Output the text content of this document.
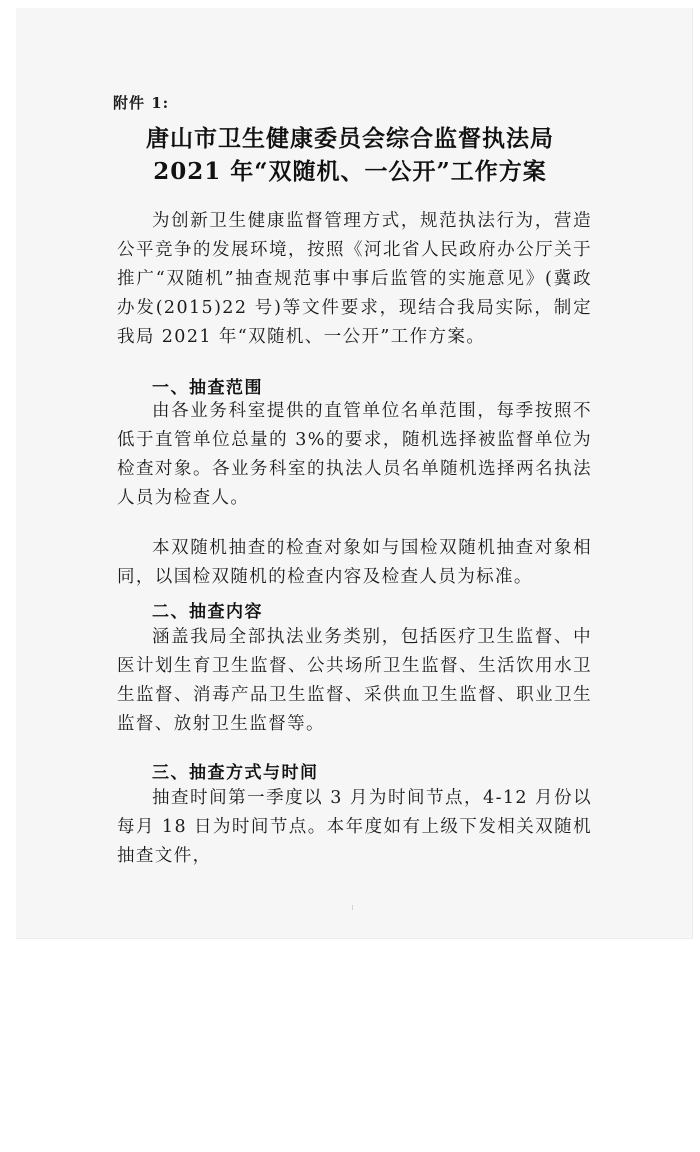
附件 1:
唐山市卫生健康委员会综合监督执法局
2021 年“双随机、一公开”工作方案
为创新卫生健康监督管理方式，规范执法行为，营造公平竞争的发展环境，按照《河北省人民政府办公厅关于推广“双随机”抽查规范事中事后监管的实施意见》(冀政办发(2015)22 号)等文件要求，现结合我局实际，制定我局 2021 年“双随机、一公开”工作方案。
一、抽查范围
由各业务科室提供的直管单位名单范围，每季按照不低于直管单位总量的 3%的要求，随机选择被监督单位为检查对象。各业务科室的执法人员名单随机选择两名执法人员为检查人。
本双随机抽查的检查对象如与国检双随机抽查对象相同，以国检双随机的检查内容及检查人员为标准。
二、抽查内容
涵盖我局全部执法业务类别，包括医疗卫生监督、中医计划生育卫生监督、公共场所卫生监督、生活饮用水卫生监督、消毒产品卫生监督、采供血卫生监督、职业卫生监督、放射卫生监督等。
三、抽查方式与时间
抽查时间第一季度以 3 月为时间节点，4-12 月份以每月 18 日为时间节点。本年度如有上级下发相关双随机抽查文件，
